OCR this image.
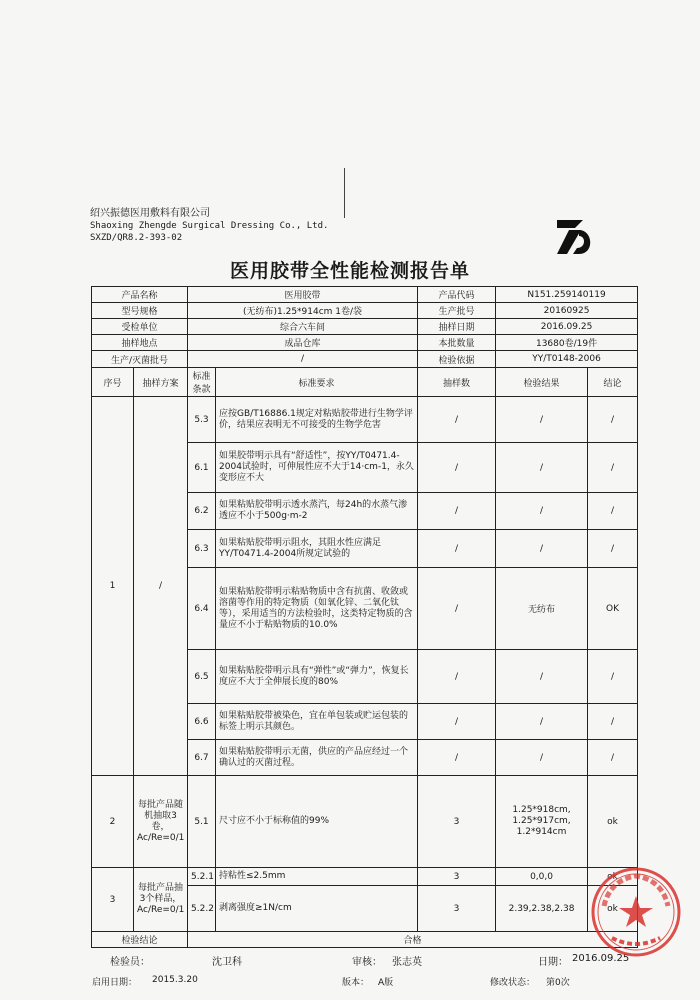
绍兴振德医用敷料有限公司
Shaoxing Zhengde Surgical Dressing Co., Ltd.
SXZD/QR8.2-393-02
医用胶带全性能检测报告单
产品名称		医用胶带		产品代码	N151.259140119	
型号规格		(无纺布)1.25*914cm 1卷/袋		生产批号	20160925	
受检单位		综合六车间		抽样日期	2016.09.25	
抽样地点		成品仓库		本批数量	13680卷/19件	
生产/灭菌批号		/		检验依据	YY/T0148-2006	
序号	抽样方案	标准条款	标准要求	抽样数	检验结果	结论
1	/	5.3	应按GB/T16886.1规定对粘贴胶带进行生物学评价，结果应表明无不可接受的生物学危害	/	/	/
		6.1	如果胶带明示具有“舒适性”，按YY/T0471.4-2004试验时，可伸展性应不大于14·cm-1，永久变形应不大	/	/	/
		6.2	如果粘贴胶带明示透水蒸汽，每24h的水蒸气渗透应不小于500g·m-2	/	/	/
		6.3	如果粘贴胶带明示阻水，其阻水性应满足YY/T0471.4-2004所规定试验的	/	/	/
		6.4	如果粘贴胶带明示粘贴物质中含有抗菌、收敛或溶菌等作用的特定物质（如氧化锌、二氧化钛等），采用适当的方法检验时，这类特定物质的含量应不小于粘贴物质的10.0%	/	无纺布	OK
		6.5	如果粘贴胶带明示具有“弹性”或“弹力”，恢复长度应不大于全伸展长度的80%	/	/	/
		6.6	如果粘贴胶带被染色，宜在单包装或贮运包装的标签上明示其颜色。	/	/	/
		6.7	如果粘贴胶带明示无菌，供应的产品应经过一个确认过的灭菌过程。	/	/	/
2	每批产品随机抽取3卷，Ac/Re=0/1	5.1	尺寸应不小于标称值的99%	3	1.25*918cm,
1.25*917cm,
1.2*914cm	ok
3	每批产品抽3个样品，Ac/Re=0/1	5.2.1	持粘性≤2.5mm	3	0,0,0	ok
		5.2.2	剥离强度≥1N/cm	3	2.39,2.38,2.38	ok
检验结论		合格				
检验员：	沈卫科	审核： 张志英	日期： 2016.09.25
启用日期： 2015.3.20	版本： A版	修改状态： 第0次
